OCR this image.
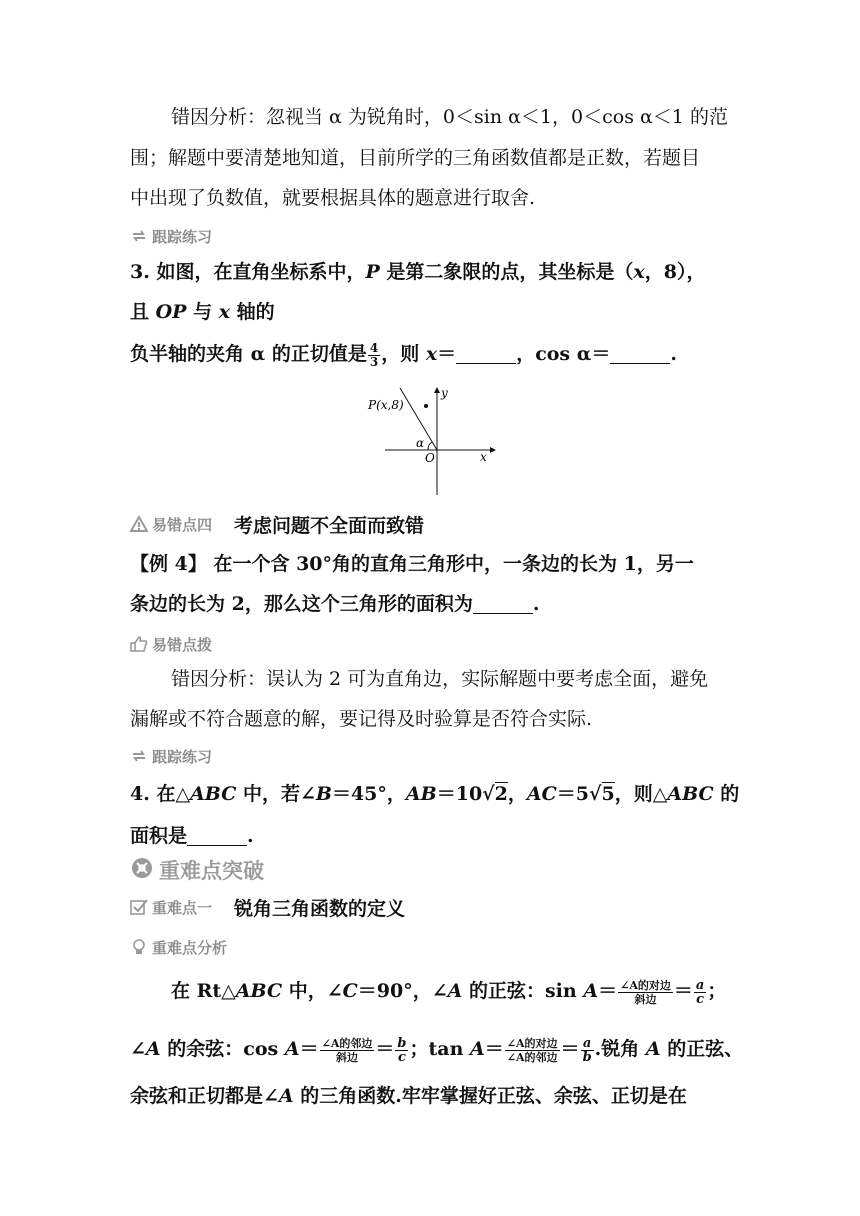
错因分析：忽视当 α 为锐角时，0＜sin α＜1，0＜cos α＜1 的范
围；解题中要清楚地知道，目前所学的三角函数值都是正数，若题目
中出现了负数值，就要根据具体的题意进行取舍.
跟踪练习
3. 如图，在直角坐标系中，P 是第二象限的点，其坐标是（x，8），
且 OP 与 x 轴的
负半轴的夹角 α 的正切值是 $\frac{4}{3}$ ，则 x＝	，cos α＝	.
P(x,8)
y
x
α
O
易错点四 考虑问题不全面而致错
【例 4】 在一个含 30°角的直角三角形中，一条边的长为 1，另一
条边的长为 2，那么这个三角形的面积为	.
易错点拨
错因分析：误认为 2 可为直角边，实际解题中要考虑全面，避免
漏解或不符合题意的解，要记得及时验算是否符合实际.
跟踪练习
4. 在△ABC 中，若∠B＝45°，AB＝10√2，AC＝5√5，则△ABC 的
面积是	.
重难点突破
重难点一 锐角三角函数的定义
重难点分析
在 Rt△ABC 中，∠C＝90°，∠A 的正弦：$\sin A= \frac{\text{∠A的对边}}{\text{斜边}} = \frac{a}{c}$ ；
∠A 的余弦：$\cos A= \frac{\text{∠A的邻边}}{\text{斜边}} = \frac{b}{c}$ ；$\tan A= \frac{\text{∠A的对边}}{\text{∠A的邻边}} = \frac{a}{b}$ .锐角 A 的正弦、
余弦和正切都是∠A 的三角函数.牢牢掌握好正弦、余弦、正切是在
